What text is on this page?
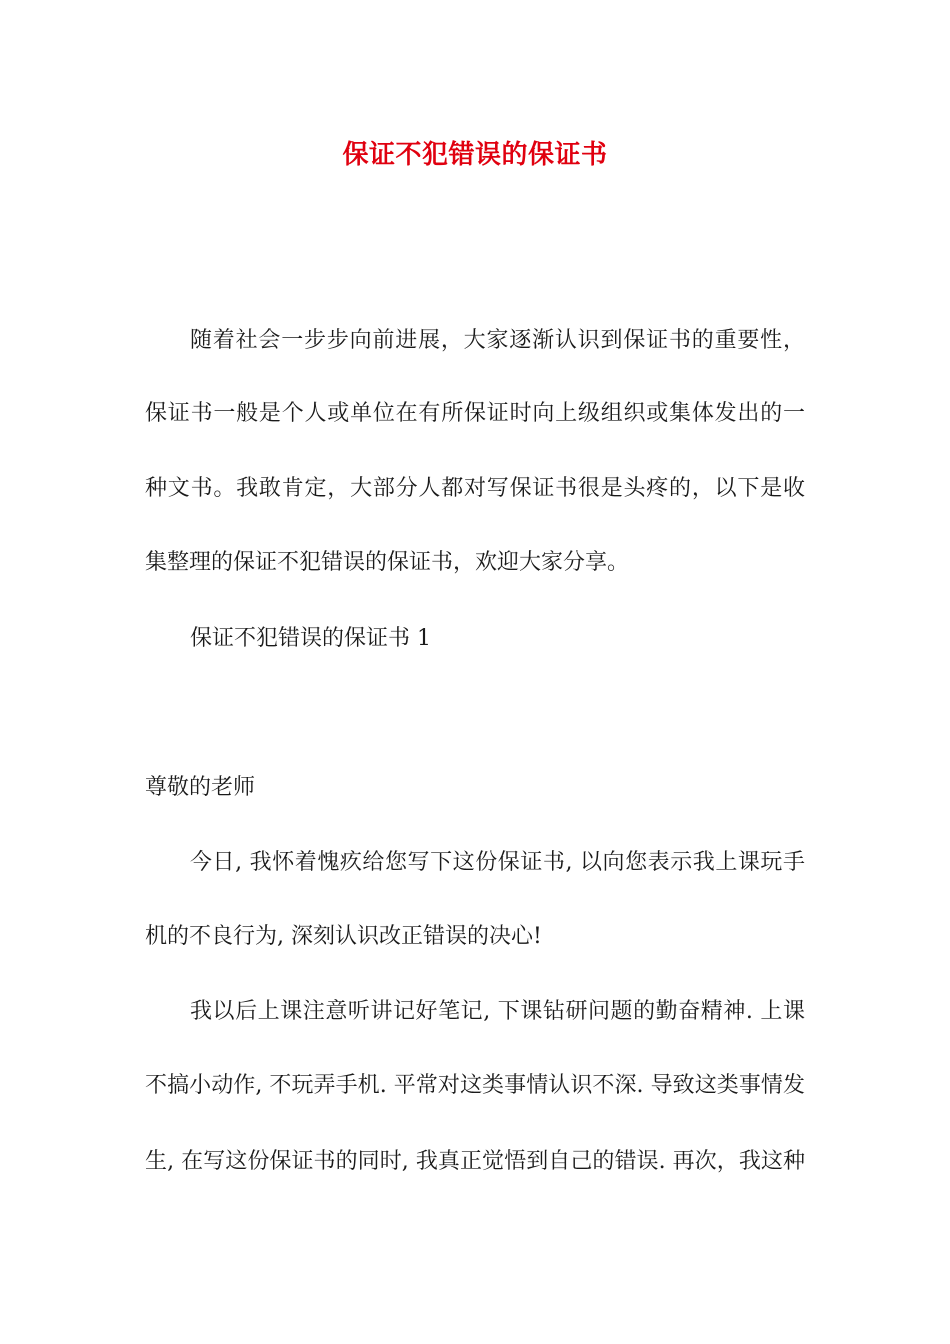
保证不犯错误的保证书
随着社会一步步向前进展，大家逐渐认识到保证书的重要性，
保证书一般是个人或单位在有所保证时向上级组织或集体发出的一
种文书。我敢肯定，大部分人都对写保证书很是头疼的，以下是收
集整理的保证不犯错误的保证书，欢迎大家分享。
保证不犯错误的保证书 1
尊敬的老师
今日, 我怀着愧疚给您写下这份保证书, 以向您表示我上课玩手
机的不良行为, 深刻认识改正错误的决心!
我以后上课注意听讲记好笔记, 下课钻研问题的勤奋精神. 上课
不搞小动作, 不玩弄手机. 平常对这类事情认识不深. 导致这类事情发
生, 在写这份保证书的同时, 我真正觉悟到自己的错误. 再次，我这种
